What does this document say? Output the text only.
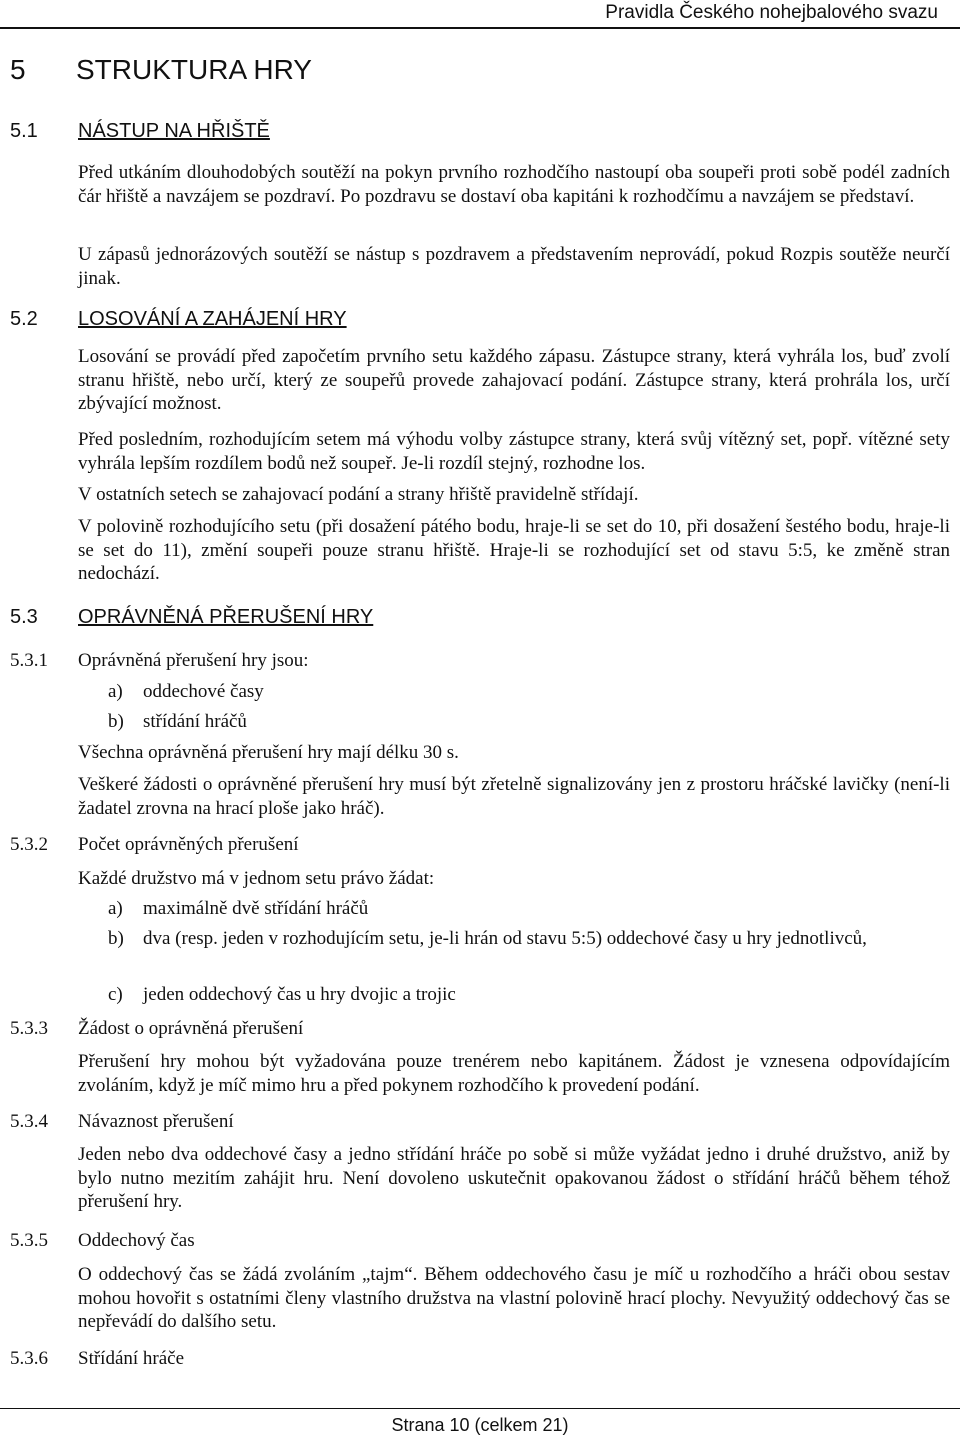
Pravidla Českého nohejbalového svazu
5 STRUKTURA HRY
5.1 NÁSTUP NA HŘIŠTĚ

Před utkáním dlouhodobých soutěží na pokyn prvního rozhodčího nastoupí oba soupeři proti sobě podél zadních čár hřiště a navzájem se pozdraví. Po pozdravu se dostaví oba kapitáni k rozhodčímu a navzájem se představí.

U zápasů jednorázových soutěží se nástup s pozdravem a představením neprovádí, pokud Rozpis soutěže neurčí jinak.

5.2 LOSOVÁNÍ A ZAHÁJENÍ HRY

Losování se provádí před započetím prvního setu každého zápasu. Zástupce strany, která vyhrála los, buď zvolí stranu hřiště, nebo určí, který ze soupeřů provede zahajovací podání. Zástupce strany, která prohrála los, určí zbývající možnost.

Před posledním, rozhodujícím setem má výhodu volby zástupce strany, která svůj vítězný set, popř. vítězné sety vyhrála lepším rozdílem bodů než soupeř. Je-li rozdíl stejný, rozhodne los.

V ostatních setech se zahajovací podání a strany hřiště pravidelně střídají.

V polovině rozhodujícího setu (při dosažení pátého bodu, hraje-li se set do 10, při dosažení šestého bodu, hraje-li se set do 11), změní soupeři pouze stranu hřiště. Hraje-li se rozhodující set od stavu 5:5, ke změně stran nedochází.

5.3 OPRÁVNĚNÁ PŘERUŠENÍ HRY
5.3.1 Oprávněná přerušení hry jsou:
a) oddechové časy
b) střídání hráčů

Všechna oprávněná přerušení hry mají délku 30 s.

Veškeré žádosti o oprávněné přerušení hry musí být zřetelně signalizovány jen z prostoru hráčské lavičky (není-li žadatel zrovna na hrací ploše jako hráč).

5.3.2 Počet oprávněných přerušení

Každé družstvo má v jednom setu právo žádat:

a) maximálně dvě střídání hráčů
b) dva (resp. jeden v rozhodujícím setu, je-li hrán od stavu 5:5) oddechové časy u hry jednotlivců,
c) jeden oddechový čas u hry dvojic a trojic
5.3.3 Žádost o oprávněná přerušení

Přerušení hry mohou být vyžadována pouze trenérem nebo kapitánem. Žádost je vznesena odpovídajícím zvoláním, když je míč mimo hru a před pokynem rozhodčího k provedení podání.

5.3.4 Návaznost přerušení

Jeden nebo dva oddechové časy a jedno střídání hráče po sobě si může vyžádat jedno i druhé družstvo, aniž by bylo nutno mezitím zahájit hru. Není dovoleno uskutečnit opakovanou žádost o střídání hráčů během téhož přerušení hry.

5.3.5 Oddechový čas

O oddechový čas se žádá zvoláním „tajm“. Během oddechového času je míč u rozhodčího a hráči obou sestav mohou hovořit s ostatními členy vlastního družstva na vlastní polovině hrací plochy. Nevyužitý oddechový čas se nepřevádí do dalšího setu.

5.3.6 Střídání hráče
Strana 10 (celkem 21)
